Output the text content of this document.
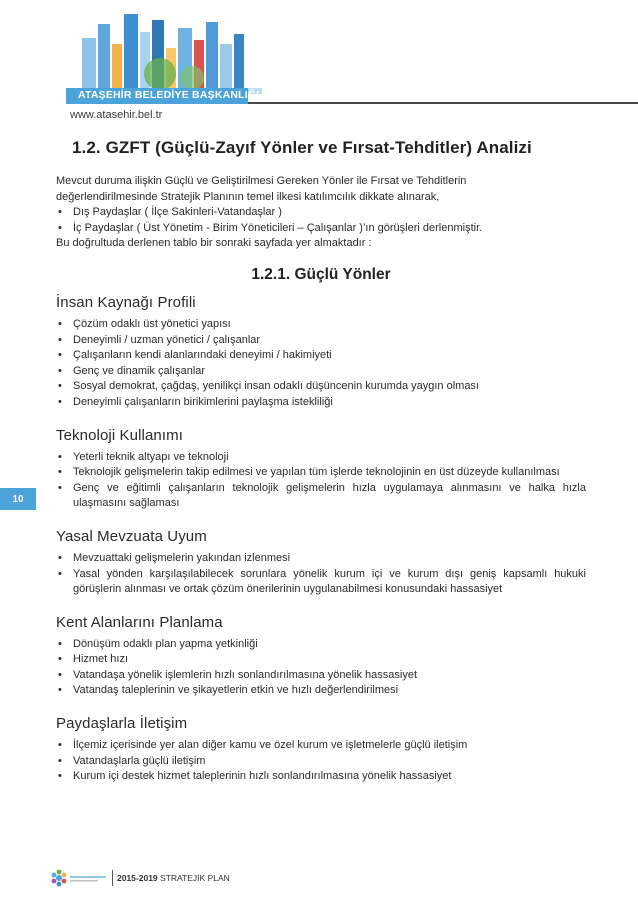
ATAŞEHİR BELEDİYE BAŞKANLIĞI
www.atasehir.bel.tr
1.2. GZFT (Güçlü-Zayıf Yönler ve Fırsat-Tehditler) Analizi

Mevcut duruma ilişkin Güçlü ve Geliştirilmesi Gereken Yönler ile Fırsat ve Tehditlerin

değerlendirilmesinde Stratejik Planının temel ilkesi katılımcılık dikkate alınarak,

• Dış Paydaşlar ( İlçe Sakinleri-Vatandaşlar )
• İç Paydaşlar ( Üst Yönetim - Birim Yöneticileri – Çalışanlar )’ın görüşleri derlenmiştir.

Bu doğrultuda derlenen tablo bir sonraki sayfada yer almaktadır :

1.2.1. Güçlü Yönler
İnsan Kaynağı Profili
• Çözüm odaklı üst yönetici yapısı
• Deneyimli / uzman yönetici / çalışanlar
• Çalışanların kendi alanlarındaki deneyimi / hakimiyeti
• Genç ve dinamik çalışanlar
• Sosyal demokrat, çağdaş, yenilikçi insan odaklı düşüncenin kurumda yaygın olması
• Deneyimli çalışanların birikimlerini paylaşma istekliliği
Teknoloji Kullanımı
• Yeterli teknik altyapı ve teknoloji
• Teknolojik gelişmelerin takip edilmesi ve yapılan tüm işlerde teknolojinin en üst düzeyde kullanılması
• Genç ve eğitimli çalışanların teknolojik gelişmelerin hızla uygulamaya alınmasını ve halka hızla ulaşmasını sağlaması
Yasal Mevzuata Uyum
• Mevzuattaki gelişmelerin yakından izlenmesi
• Yasal yönden karşılaşılabilecek sorunlara yönelik kurum içi ve kurum dışı geniş kapsamlı hukuki görüşlerin alınması ve ortak çözüm önerilerinin uygulanabilmesi konusundaki hassasiyet
Kent Alanlarını Planlama
• Dönüşüm odaklı plan yapma yetkinliği
• Hizmet hızı
• Vatandaşa yönelik işlemlerin hızlı sonlandırılmasına yönelik hassasiyet
• Vatandaş taleplerinin ve şikayetlerin etkin ve hızlı değerlendirilmesi
Paydaşlarla İletişim
• İlçemiz içerisinde yer alan diğer kamu ve özel kurum ve işletmelerle güçlü iletişim
• Vatandaşlarla güçlü iletişim
• Kurum içi destek hizmet taleplerinin hızlı sonlandırılmasına yönelik hassasiyet
10
2015-2019 STRATEJİK PLAN
